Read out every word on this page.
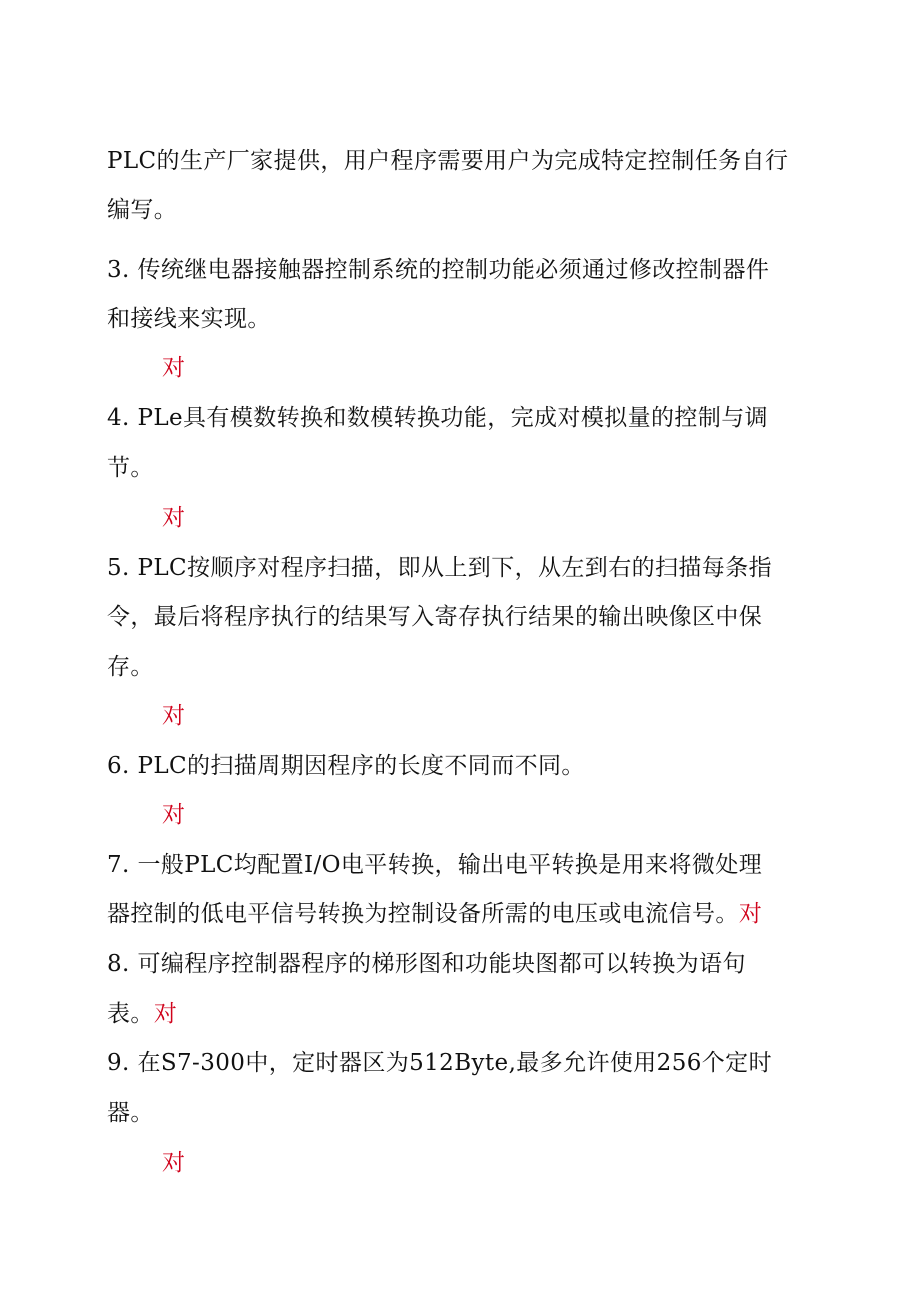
PLC的生产厂家提供，用户程序需要用户为完成特定控制任务自行
编写。
3. 传统继电器接触器控制系统的控制功能必须通过修改控制器件
和接线来实现。
对
4. PLe具有模数转换和数模转换功能，完成对模拟量的控制与调
节。
对
5. PLC按顺序对程序扫描，即从上到下，从左到右的扫描每条指
令，最后将程序执行的结果写入寄存执行结果的输出映像区中保
存。
对
6. PLC的扫描周期因程序的长度不同而不同。
对
7. 一般PLC均配置I/O电平转换，输出电平转换是用来将微处理
器控制的低电平信号转换为控制设备所需的电压或电流信号。对
8. 可编程序控制器程序的梯形图和功能块图都可以转换为语句
表。对
9. 在S7-300中，定时器区为512Byte,最多允许使用256个定时
器。
对
